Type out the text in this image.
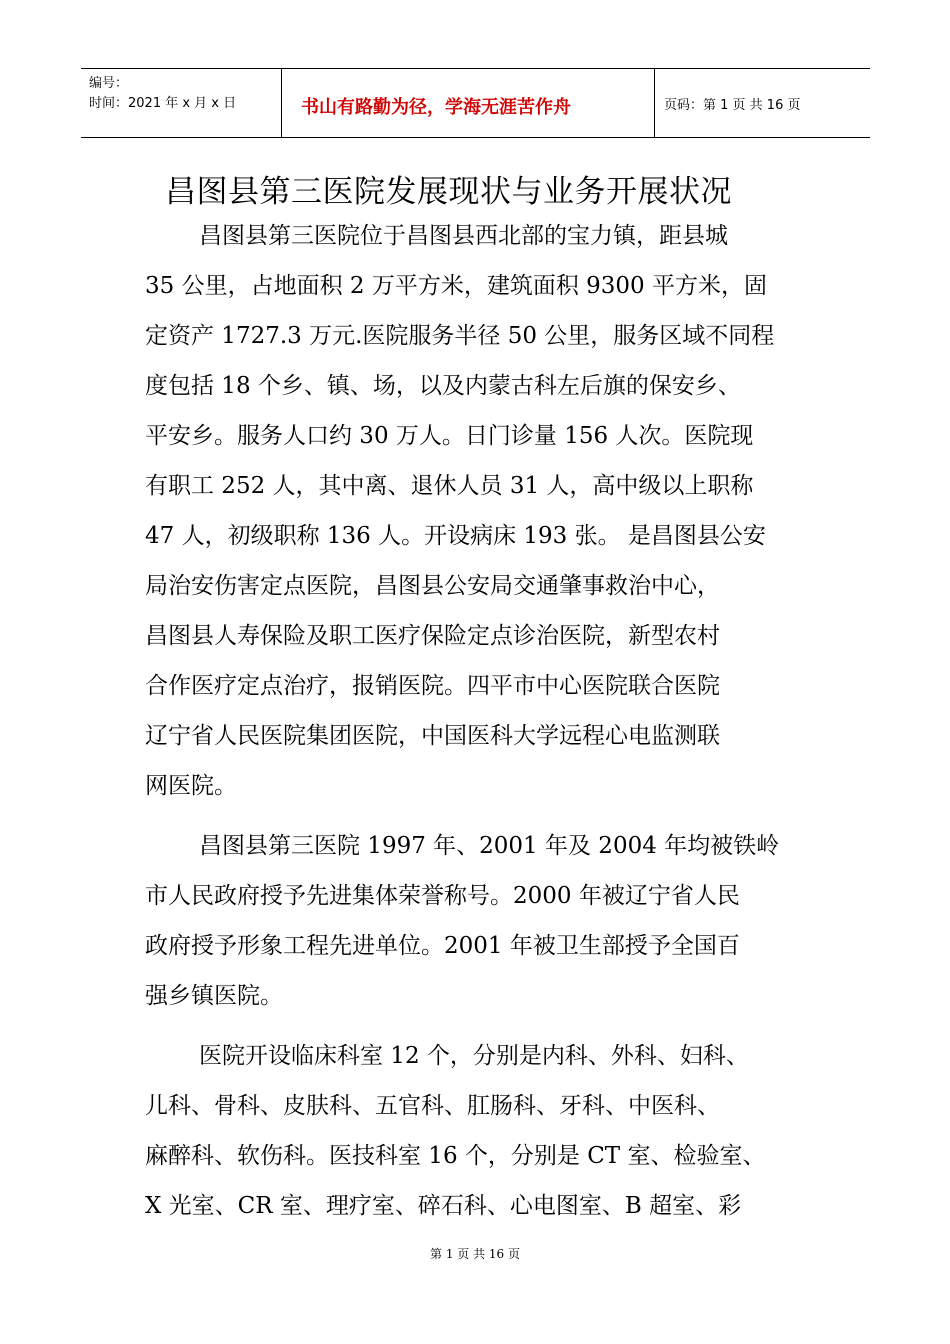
编号：
时间：2021 年 x 月 x 日	书山有路勤为径，学海无涯苦作舟	页码：第 1 页 共 16 页
昌图县第三医院发展现状与业务开展状况
昌图县第三医院位于昌图县西北部的宝力镇，距县城
35 公里，占地面积 2 万平方米，建筑面积 9300 平方米，固
定资产 1727.3 万元.医院服务半径 50 公里，服务区域不同程
度包括 18 个乡、镇、场，以及内蒙古科左后旗的保安乡、
平安乡。服务人口约 30 万人。日门诊量 156 人次。医院现
有职工 252 人，其中离、退休人员 31 人，高中级以上职称
47 人，初级职称 136 人。开设病床 193 张。 是昌图县公安
局治安伤害定点医院，昌图县公安局交通肇事救治中心，
昌图县人寿保险及职工医疗保险定点诊治医院，新型农村
合作医疗定点治疗，报销医院。四平市中心医院联合医院
辽宁省人民医院集团医院，中国医科大学远程心电监测联
网医院。
昌图县第三医院 1997 年、2001 年及 2004 年均被铁岭
市人民政府授予先进集体荣誉称号。2000 年被辽宁省人民
政府授予形象工程先进单位。2001 年被卫生部授予全国百
强乡镇医院。
医院开设临床科室 12 个，分别是内科、外科、妇科、
儿科、骨科、皮肤科、五官科、肛肠科、牙科、中医科、
麻醉科、软伤科。医技科室 16 个，分别是 CT 室、检验室、
X 光室、CR 室、理疗室、碎石科、心电图室、B 超室、彩
第 1 页 共 16 页
